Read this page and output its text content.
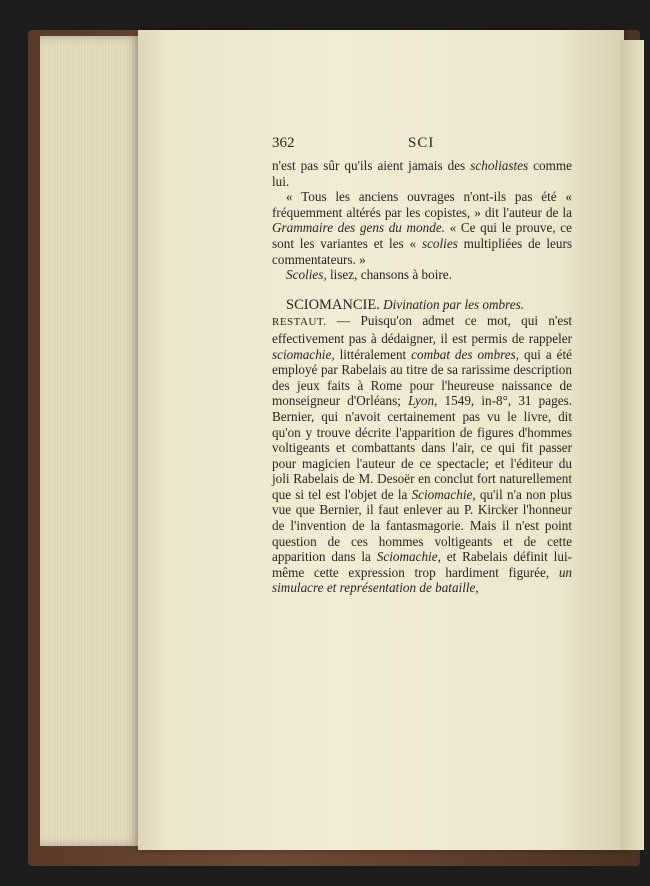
362	SCI

n'est pas sûr qu'ils aient jamais des scholiastes comme lui.

« Tous les anciens ouvrages n'ont-ils pas été « fréquemment altérés par les copistes, » dit l'auteur de la Grammaire des gens du monde. « Ce qui le prouve, ce sont les variantes et les « scolies multipliées de leurs commentateurs. »

Scolies, lisez, chansons à boire.

SCIOMANCIE. Divination par les ombres.
RESTAUT. — Puisqu'on admet ce mot, qui n'est effectivement pas à dédaigner, il est permis de rappeler sciomachie, littéralement combat des ombres, qui a été employé par Rabelais au titre de sa rarissime description des jeux faits à Rome pour l'heureuse naissance de monseigneur d'Orléans; Lyon, 1549, in-8°, 31 pages. Bernier, qui n'avoit certainement pas vu le livre, dit qu'on y trouve décrite l'apparition de figures d'hommes voltigeants et combattants dans l'air, ce qui fit passer pour magicien l'auteur de ce spectacle; et l'éditeur du joli Rabelais de M. Desoër en conclut fort naturellement que si tel est l'objet de la Sciomachie, qu'il n'a non plus vue que Bernier, il faut enlever au P. Kircker l'honneur de l'invention de la fantasmagorie. Mais il n'est point question de ces hommes voltigeants et de cette apparition dans la Sciomachie, et Rabelais définit lui-même cette expression trop hardiment figurée, un simulacre et représentation de bataille,
